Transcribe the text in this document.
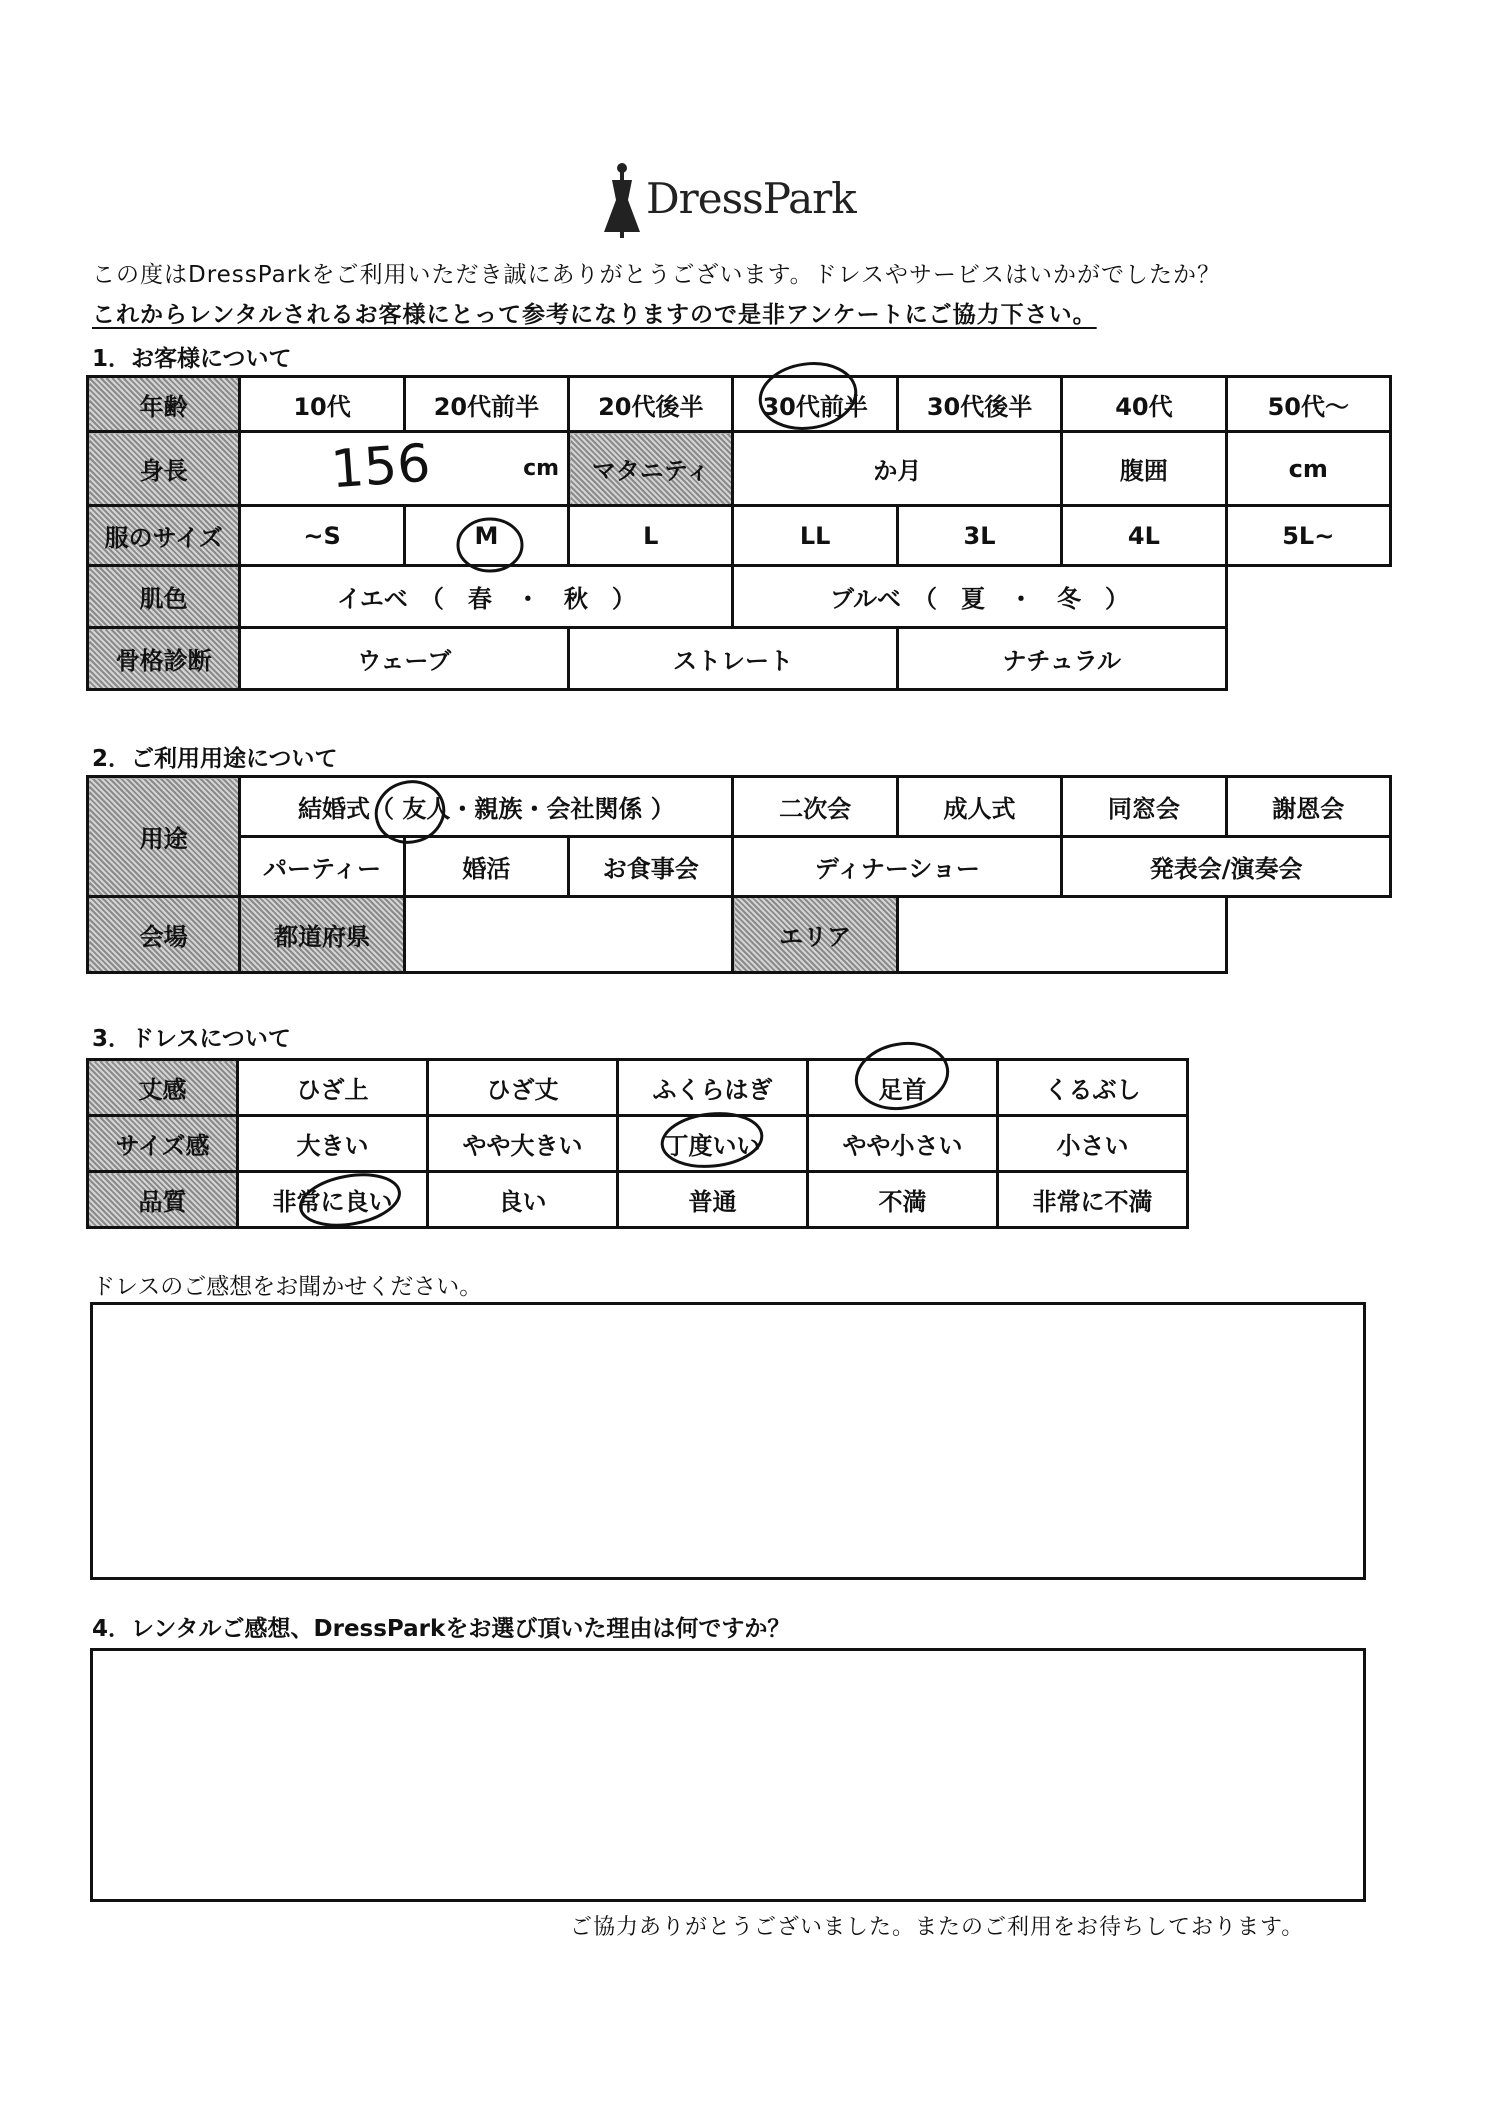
DressPark
この度はDressParkをご利用いただき誠にありがとうございます。ドレスやサービスはいかがでしたか？
これからレンタルされるお客様にとって参考になりますので是非アンケートにご協力下さい。
1．お客様について
年齢	10代	20代前半	20代後半	30代前半	30代後半	40代	50代～
身長	156 cm		マタニティ	か月		腹囲	cm
服のサイズ	~S	M	L	LL	3L	4L	5L~
肌色	イエベ　（　春　・　秋　）			ブルベ　（　夏　・　冬　）			
骨格診断	ウェーブ		ストレート		ナチュラル		
2．ご利用用途について
用途	結婚式（ 友人・親族・会社関係 ）			二次会	成人式	同窓会	謝恩会
	パーティー	婚活	お食事会	ディナーショー		発表会/演奏会	
会場	都道府県			エリア			
3．ドレスについて
丈感	ひざ上	ひざ丈	ふくらはぎ	足首	くるぶし
サイズ感	大きい	やや大きい	丁度いい	やや小さい	小さい
品質	非常に良い	良い	普通	不満	非常に不満
ドレスのご感想をお聞かせください。
4．レンタルご感想、DressParkをお選び頂いた理由は何ですか？
ご協力ありがとうございました。またのご利用をお待ちしております。
